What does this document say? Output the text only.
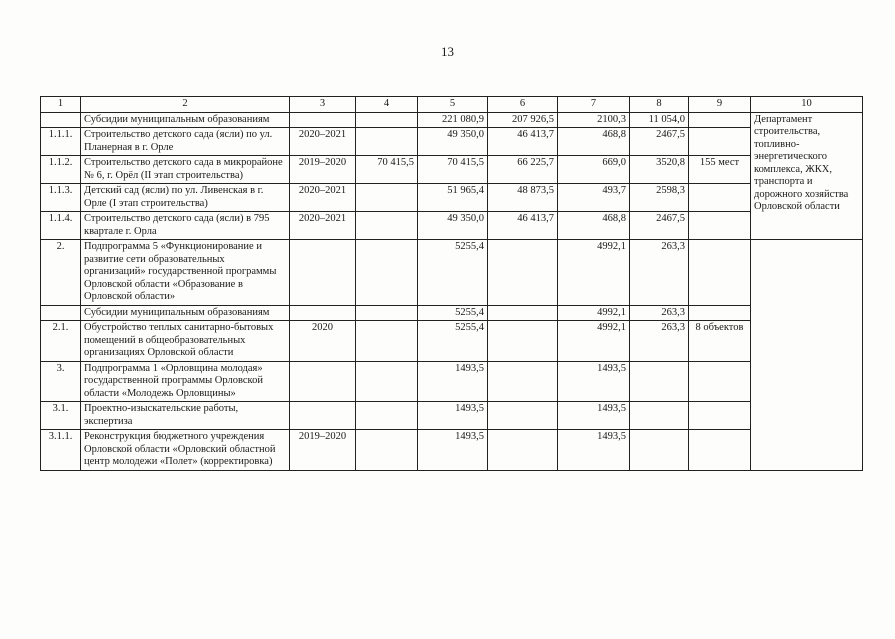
13
1	2	3	4	5	6	7	8	9	10
	Субсидии муниципальным образованиям			221 080,9	207 926,5	2100,3	11 054,0		Департамент строительства, топливно-энергетического комплекса, ЖКХ, транспорта и дорожного хозяйства Орловской области
1.1.1.	Строительство детского сада (ясли) по ул. Планерная в г. Орле	2020–2021		49 350,0	46 413,7	468,8	2467,5		
1.1.2.	Строительство детского сада в микрорайоне № 6, г. Орёл (II этап строительства)	2019–2020	70 415,5	70 415,5	66 225,7	669,0	3520,8	155 мест	
1.1.3.	Детский сад (ясли) по ул. Ливенская в г. Орле (I этап строительства)	2020–2021		51 965,4	48 873,5	493,7	2598,3		
1.1.4.	Строительство детского сада (ясли) в 795 квартале г. Орла	2020–2021		49 350,0	46 413,7	468,8	2467,5		
2.	Подпрограмма 5 «Функционирование и развитие сети образовательных организаций» государственной программы Орловской области «Образование в Орловской области»			5255,4		4992,1	263,3		
	Субсидии муниципальным образованиям			5255,4		4992,1	263,3		
2.1.	Обустройство теплых санитарно-бытовых помещений в общеобразовательных организациях Орловской области	2020		5255,4		4992,1	263,3	8 объектов	
3.	Подпрограмма 1 «Орловщина молодая» государственной программы Орловской области «Молодежь Орловщины»			1493,5		1493,5			
3.1.	Проектно-изыскательские работы, экспертиза			1493,5		1493,5			
3.1.1.	Реконструкция бюджетного учреждения Орловской области «Орловский областной центр молодежи «Полет» (корректировка)	2019–2020		1493,5		1493,5			
